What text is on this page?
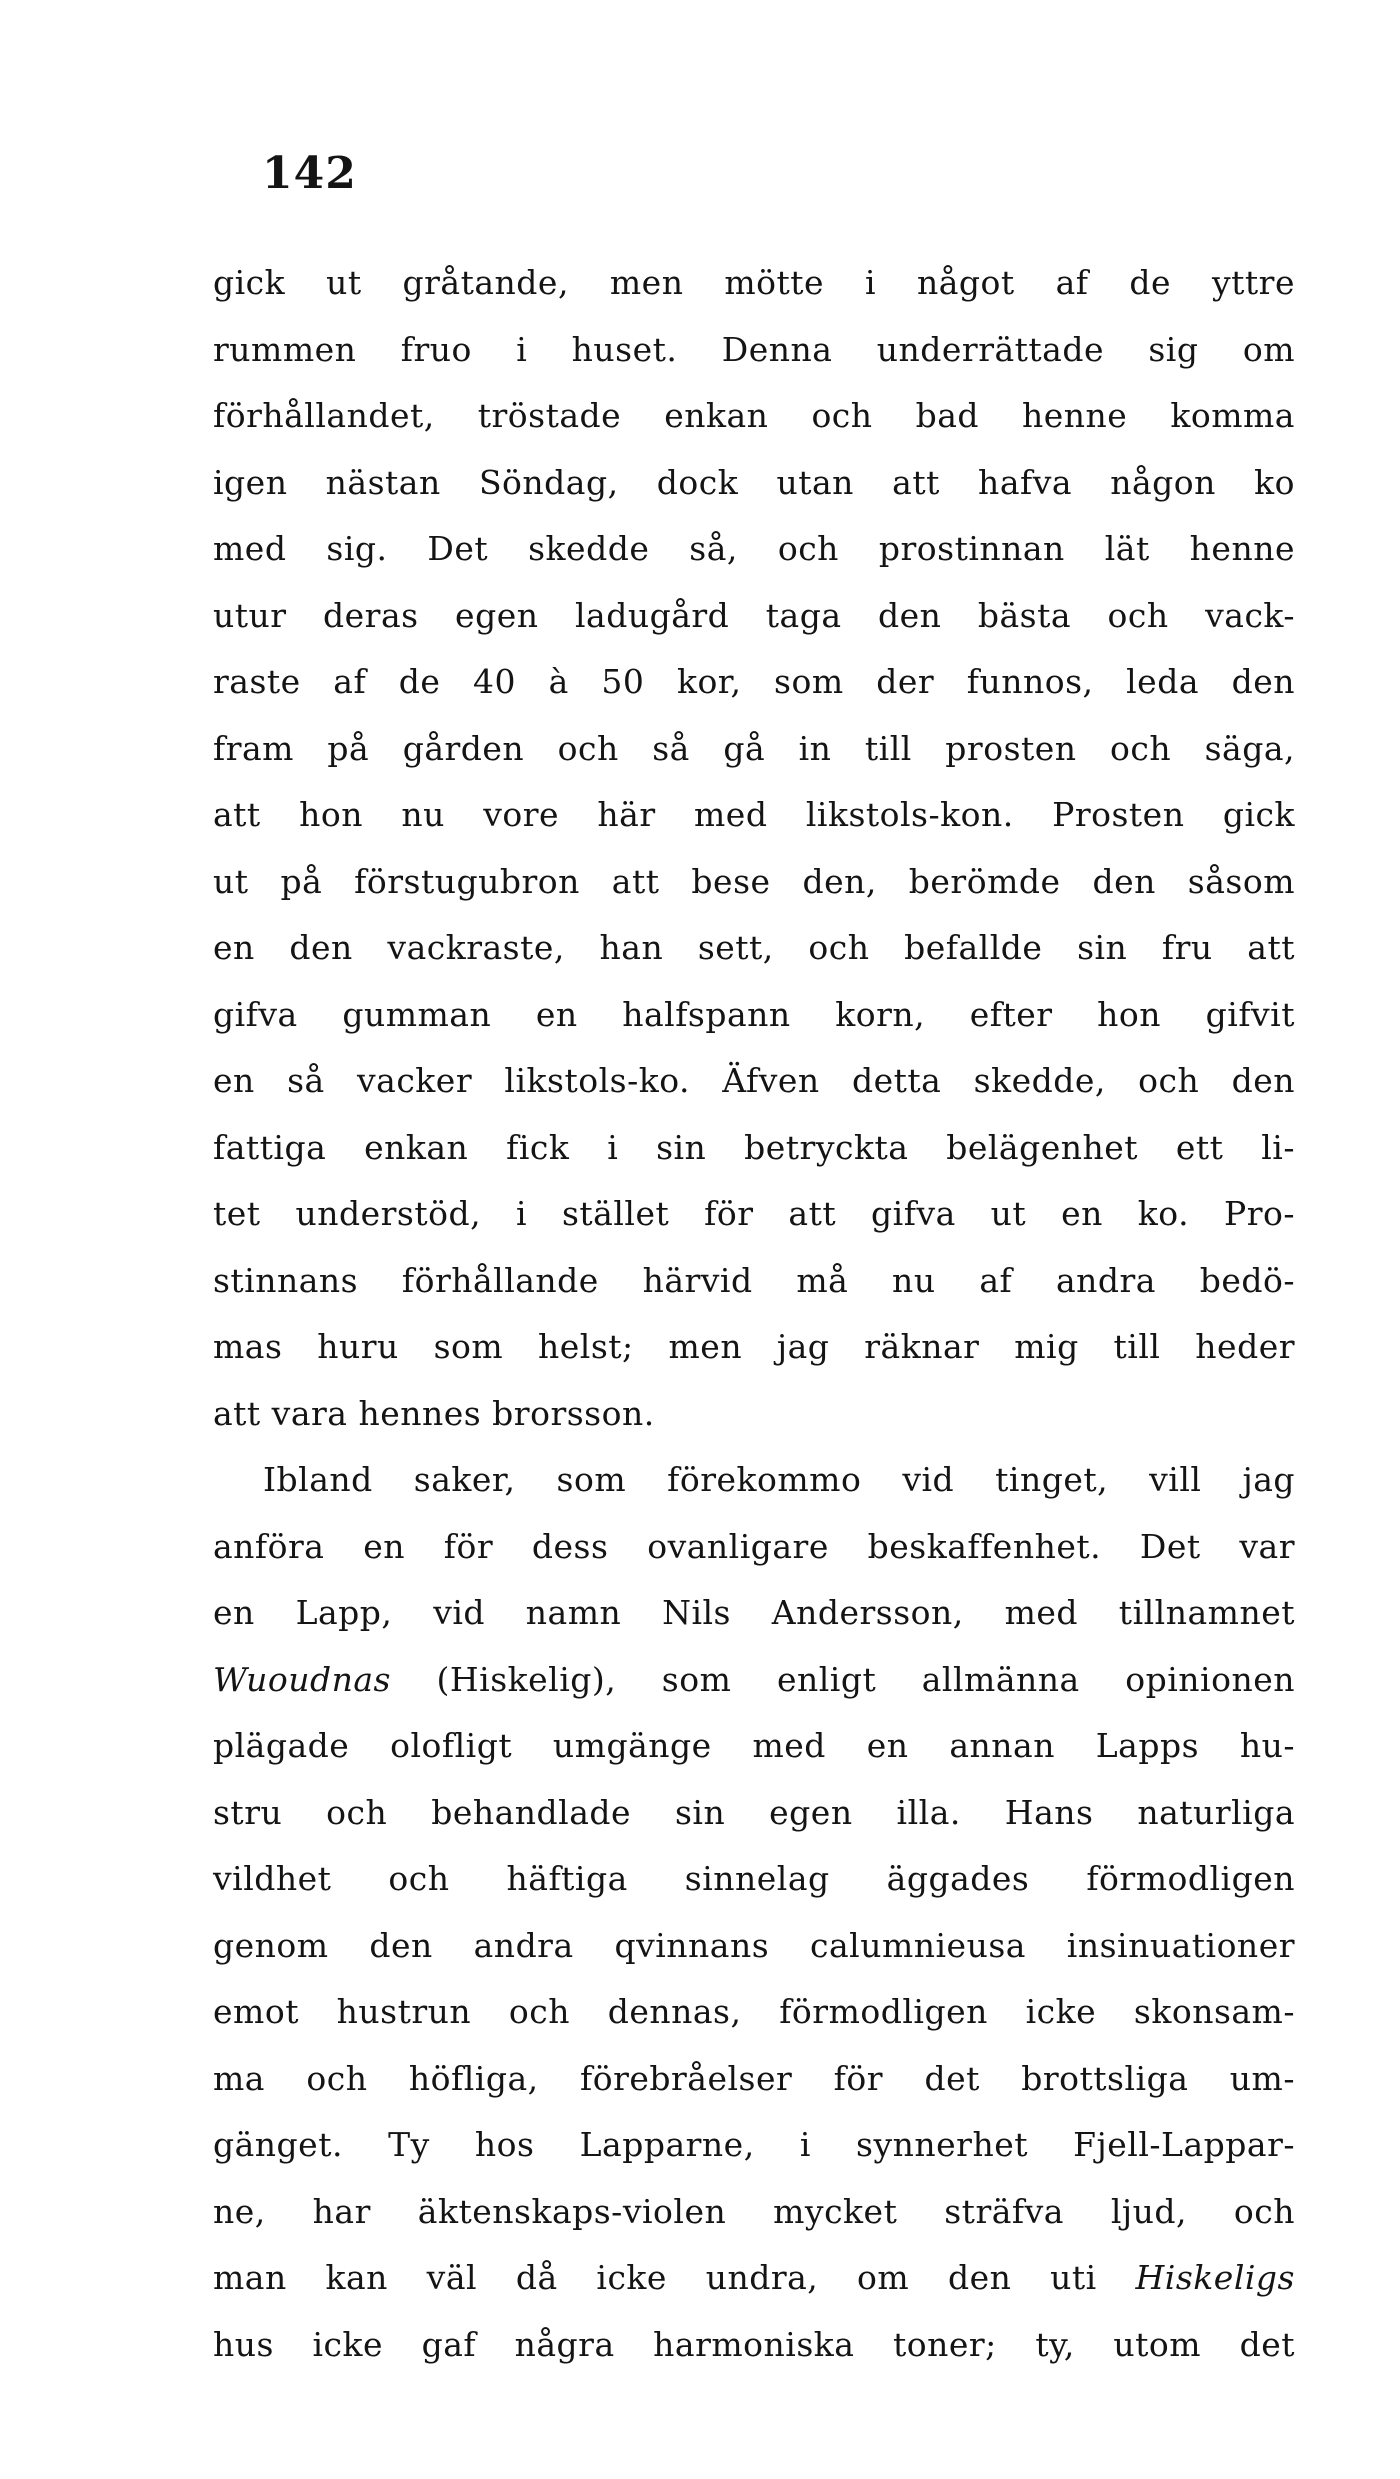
142
gick ut gråtande, men mötte i något af de yttre
rummen fruo i huset. Denna underrättade sig om
förhållandet, tröstade enkan och bad henne komma
igen nästan Söndag, dock utan att hafva någon ko
med sig. Det skedde så, och prostinnan lät henne
utur deras egen ladugård taga den bästa och vack-
raste af de 40 à 50 kor, som der funnos, leda den
fram på gården och så gå in till prosten och säga,
att hon nu vore här med likstols-kon. Prosten gick
ut på förstugubron att bese den, berömde den såsom
en den vackraste, han sett, och befallde sin fru att
gifva gumman en halfspann korn, efter hon gifvit
en så vacker likstols-ko. Äfven detta skedde, och den
fattiga enkan fick i sin betryckta belägenhet ett li-
tet understöd, i stället för att gifva ut en ko. Pro-
stinnans förhållande härvid må nu af andra bedö-
mas huru som helst; men jag räknar mig till heder
att vara hennes brorsson.
Ibland saker, som förekommo vid tinget, vill jag
anföra en för dess ovanligare beskaffenhet. Det var
en Lapp, vid namn Nils Andersson, med tillnamnet
Wuoudnas (Hiskelig), som enligt allmänna opinionen
plägade olofligt umgänge med en annan Lapps hu-
stru och behandlade sin egen illa. Hans naturliga
vildhet och häftiga sinnelag äggades förmodligen
genom den andra qvinnans calumnieusa insinuationer
emot hustrun och dennas, förmodligen icke skonsam-
ma och höfliga, förebråelser för det brottsliga um-
gänget. Ty hos Lapparne, i synnerhet Fjell-Lappar-
ne, har äktenskaps-violen mycket sträfva ljud, och
man kan väl då icke undra, om den uti Hiskeligs
hus icke gaf några harmoniska toner; ty, utom det
